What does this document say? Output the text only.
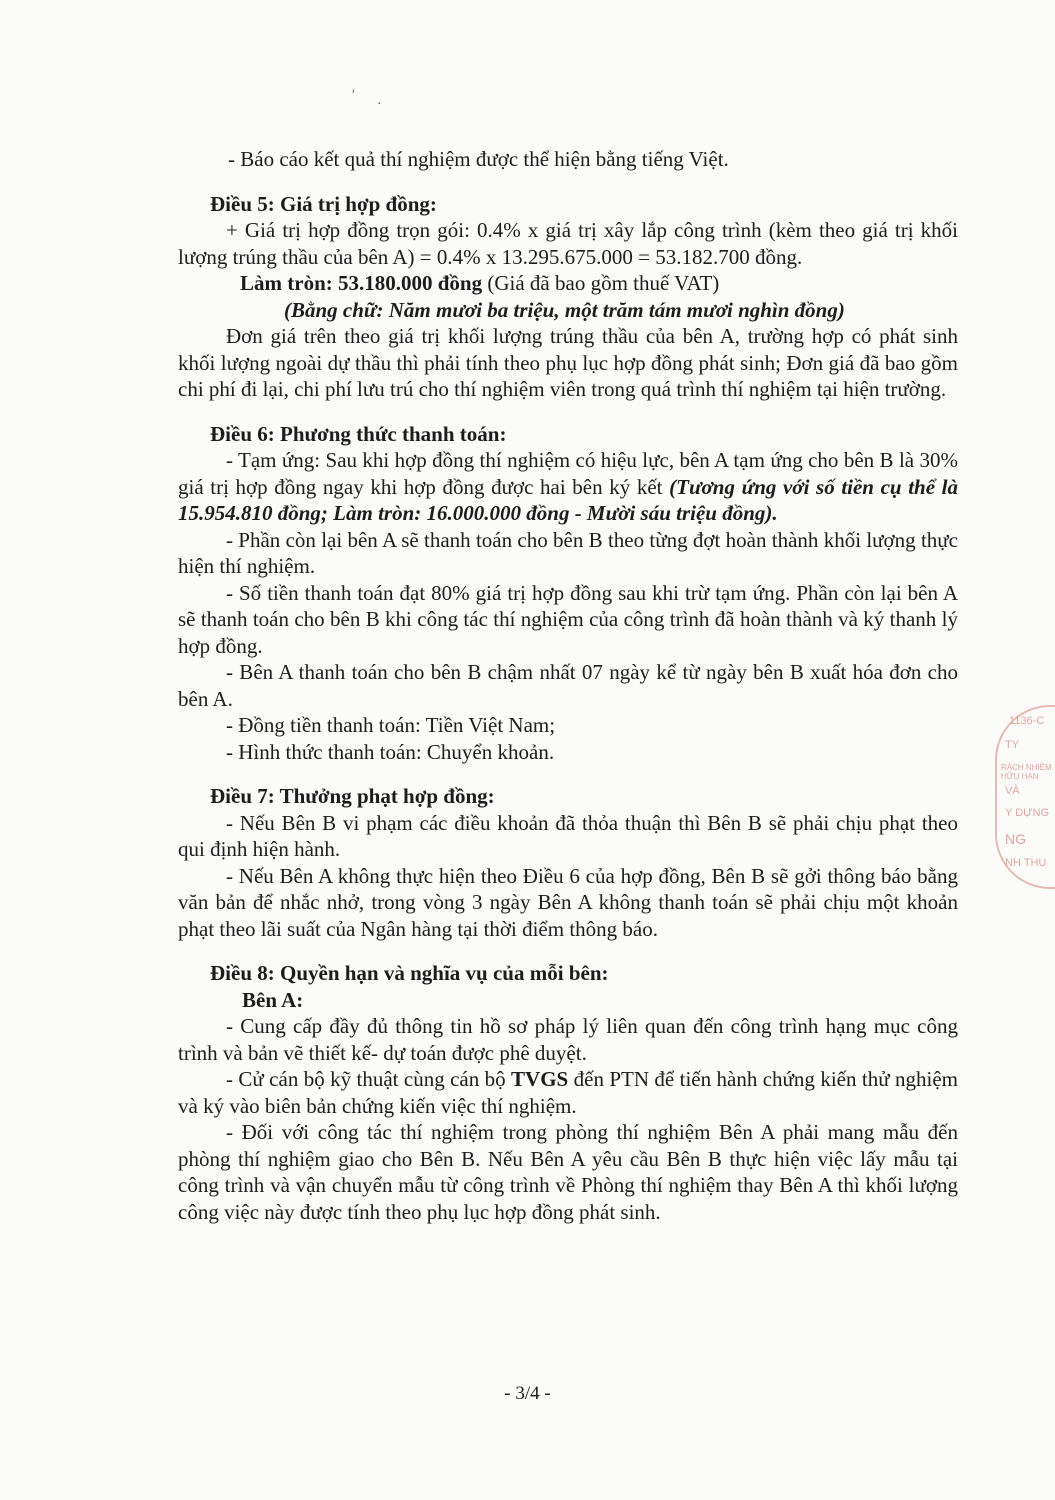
′
·

- Báo cáo kết quả thí nghiệm được thể hiện bằng tiếng Việt.

Điều 5: Giá trị hợp đồng:

+ Giá trị hợp đồng trọn gói: 0.4% x giá trị xây lắp công trình (kèm theo giá trị khối lượng trúng thầu của bên A) = 0.4% x 13.295.675.000 = 53.182.700 đồng.

Làm tròn: 53.180.000 đồng (Giá đã bao gồm thuế VAT)

(Bằng chữ: Năm mươi ba triệu, một trăm tám mươi nghìn đồng)

Đơn giá trên theo giá trị khối lượng trúng thầu của bên A, trường hợp có phát sinh khối lượng ngoài dự thầu thì phải tính theo phụ lục hợp đồng phát sinh; Đơn giá đã bao gồm chi phí đi lại, chi phí lưu trú cho thí nghiệm viên trong quá trình thí nghiệm tại hiện trường.

Điều 6: Phương thức thanh toán:

- Tạm ứng: Sau khi hợp đồng thí nghiệm có hiệu lực, bên A tạm ứng cho bên B là 30% giá trị hợp đồng ngay khi hợp đồng được hai bên ký kết (Tương ứng với số tiền cụ thể là 15.954.810 đồng; Làm tròn: 16.000.000 đồng - Mười sáu triệu đồng).

- Phần còn lại bên A sẽ thanh toán cho bên B theo từng đợt hoàn thành khối lượng thực hiện thí nghiệm.

- Số tiền thanh toán đạt 80% giá trị hợp đồng sau khi trừ tạm ứng. Phần còn lại bên A sẽ thanh toán cho bên B khi công tác thí nghiệm của công trình đã hoàn thành và ký thanh lý hợp đồng.

- Bên A thanh toán cho bên B chậm nhất 07 ngày kể từ ngày bên B xuất hóa đơn cho bên A.

- Đồng tiền thanh toán: Tiền Việt Nam;

- Hình thức thanh toán: Chuyển khoản.

Điều 7: Thưởng phạt hợp đồng:

- Nếu Bên B vi phạm các điều khoản đã thỏa thuận thì Bên B sẽ phải chịu phạt theo qui định hiện hành.

- Nếu Bên A không thực hiện theo Điều 6 của hợp đồng, Bên B sẽ gởi thông báo bằng văn bản để nhắc nhở, trong vòng 3 ngày Bên A không thanh toán sẽ phải chịu một khoản phạt theo lãi suất của Ngân hàng tại thời điểm thông báo.

Điều 8: Quyền hạn và nghĩa vụ của mỗi bên:

Bên A:

- Cung cấp đầy đủ thông tin hồ sơ pháp lý liên quan đến công trình hạng mục công trình và bản vẽ thiết kế- dự toán được phê duyệt.

- Cử cán bộ kỹ thuật cùng cán bộ TVGS đến PTN để tiến hành chứng kiến thử nghiệm và ký vào biên bản chứng kiến việc thí nghiệm.

- Đối với công tác thí nghiệm trong phòng thí nghiệm Bên A phải mang mẫu đến phòng thí nghiệm giao cho Bên B. Nếu Bên A yêu cầu Bên B thực hiện việc lấy mẫu tại công trình và vận chuyển mẫu từ công trình về Phòng thí nghiệm thay Bên A thì khối lượng công việc này được tính theo phụ lục hợp đồng phát sinh.

- 3/4 -
1136-C
TY
RÁCH NHIỆM HỮU HẠN
VÀ
Y DỰNG
NG
NH THU
